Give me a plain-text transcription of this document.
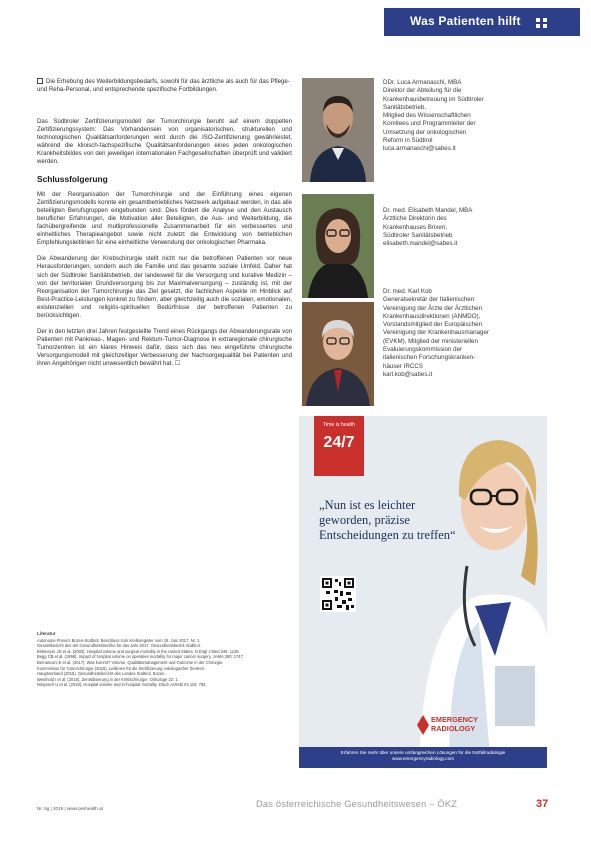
Was Patienten hilft
Die Erhebung des Weiterbildungsbedarfs, sowohl für das ärztliche als auch für das Pflege- und Reha-Personal, und entsprechende spezifische Fortbildungen.

Das Südtiroler Zertifizierungsmodell der Tumorchirurgie beruht auf einem doppelten Zertifizierungssystem: Das Vorhandensein von organisatorischen, strukturellen und technologischen Qualitätsanforderungen wird durch die ISO-Zertifizierung gewährleistet, während die klinisch-fachspezifische Qualitätsanforderungen eines jeden onkologischen Krankheitsbildes von den jeweiligen internationalen Fachgesellschaften überprüft und validiert werden.

Schlussfolgerung

Mit der Reorganisation der Tumorchirurgie und der Einführung eines eigenen Zertifizierungsmodells konnte ein gesamtbetriebliches Netzwerk aufgebaut werden, in das alle beteiligten Berufsgruppen eingebunden sind. Dies fördert die Analyse und den Austausch beruflicher Erfahrungen, die Motivation aller Beteiligten, die Aus- und Weiterbildung, die fachübergreifende und multiprofessionelle Zusammenarbeit für ein verbessertes und einheitliches Therapieangebot sowie nicht zuletzt die Entwicklung von betrieblichen Empfehlungsleitlinien für eine einheitliche Verwendung der onkologischen Pharmaka.

Die Abwanderung der Krebschirurgie stellt nicht nur die betroffenen Patienten vor neue Herausforderungen, sondern auch die Familie und das gesamte soziale Umfeld. Daher hat sich der Südtiroler Sanitätsbetrieb, der landesweit für die Versorgung und kurative Medizin – von der territorialen Grundversorgung bis zur Maximalversorgung – zuständig ist, mit der Reorganisation der Tumorchirurgie das Ziel gesetzt, die fachlichen Aspekte im Hinblick auf Best-Practice-Leistungen konkret zu fördern, aber gleichzeitig auch die sozialen, emotionalen, existenziellen und religiös-spirituellen Bedürfnisse der betroffenen Patienten zu berücksichtigen.

Der in den letzten drei Jahren festgestellte Trend eines Rückgangs der Abwanderungsrate von Patienten mit Pankreas-, Magen- und Rektum-Tumor-Diagnose in extraregionale chirurgische Tumorzentren ist ein klares Hinweis dafür, dass sich das neu eingeführte chirurgische Versorgungsmodell mit gleichzeitiger Verbesserung der Nachsorgequalität bei Patienten und ihren Angehörigen nicht unwesentlich bewährt hat. ☐

Literatur
Autonome Provinz Bozen-Südtirol. Beschluss zum Krebsregister vom 19. Juni 2017, Nr. 1.
Gesamtbericht des der Gesundheitsbezirks für das Jahr 2017, Gesundheitsbezirk Südtirol.
Birkmeyer JD et al. (2003). Hospital volume and surgical mortality in the United States. N Engl J Med 346: 1128.
Begg CB et al. (1998). Impact of hospital volume on operative mortality for major cancer surgery. JAMA 280: 1747.
Bernasconi E et al. (2017). Was kommt? Volume, Qualitätsmanagement und Outcome in der Chirurgie.
Kommission für Tumorchirurgie (2016). Leitlinien für die Zertifizierung onkologischer Zentren.
Hauptverband (2018). Gesundheitsbericht des Landes Südtirol, Bozen.
Weinhold I et al. (2016). Zentralisierung in der Krebschirurgie. Onkologe 22: 1.
Nimptsch U et al. (2018). Hospital volume and in-hospital mortality. Dtsch Arztebl Int 115: 793.
DDr. Luca Armanaschi, MBA
Direktor der Abteilung für die
Krankenhausbetreuung im Südtiroler
Sanitätsbetrieb,
Mitglied des Wissenschaftlichen
Komitees und Programmleiter der
Umsetzung der onkologischen
Reform in Südtirol
luca.armanaschi@sabes.it
Dr. med. Elisabeth Mandel, MBA
Ärztliche Direktorin des
Krankenhauses Brixen,
Südtiroler Sanitätsbetrieb
elisabeth.mandel@sabes.it
Dr. med. Karl Kob
Generalsekretär der Italienischen
Vereinigung der Ärzte der Ärztlichen
Krankenhausdirektionen (ANMDO),
Vorstandsmitglied der Europäischen
Vereinigung der Krankenhausmanager
(EVKM), Mitglied der ministeriellen
Evaluierungskommission der
italienischen Forschungskranken-
häuser IRCCS
karl.kob@sabes.it
Time is health
24/7
„Nun ist es leichter geworden, präzise Entscheidungen zu treffen“
EMERGENCY
RADIOLOGY
Erfahren Sie mehr über unsere umfangreichen Lösungen für die Notfallradiologie
www.emergencyradiology.com
Nr. 5g | 2019 | www.oeshealth.at	Das österreichische Gesundheitswesen – ÖKZ	37
